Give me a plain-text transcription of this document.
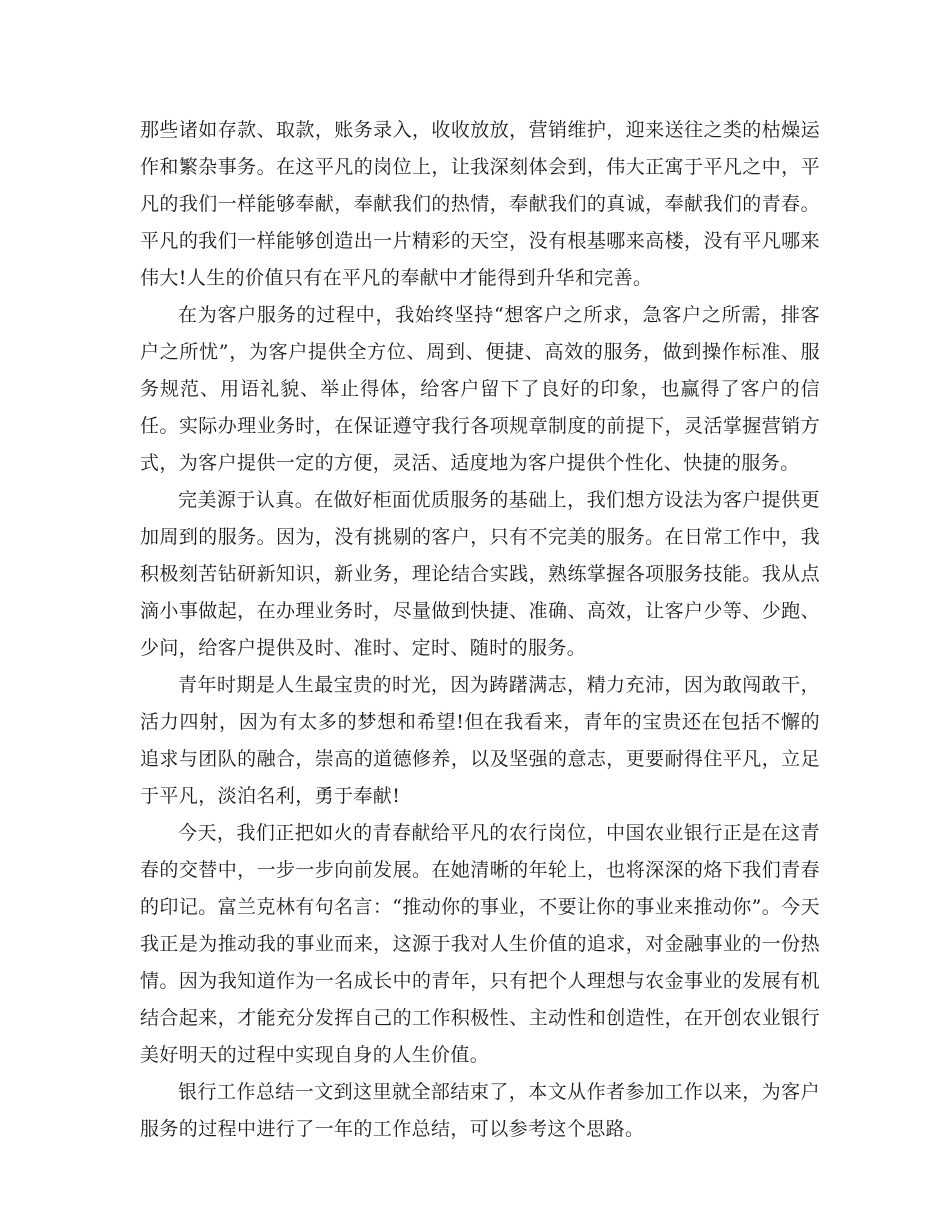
那些诸如存款、取款，账务录入，收收放放，营销维护，迎来送往之类的枯燥运作和繁杂事务。在这平凡的岗位上，让我深刻体会到，伟大正寓于平凡之中，平凡的我们一样能够奉献，奉献我们的热情，奉献我们的真诚，奉献我们的青春。平凡的我们一样能够创造出一片精彩的天空，没有根基哪来高楼，没有平凡哪来伟大!人生的价值只有在平凡的奉献中才能得到升华和完善。

在为客户服务的过程中，我始终坚持“想客户之所求，急客户之所需，排客户之所忧”，为客户提供全方位、周到、便捷、高效的服务，做到操作标准、服务规范、用语礼貌、举止得体，给客户留下了良好的印象，也赢得了客户的信任。实际办理业务时，在保证遵守我行各项规章制度的前提下，灵活掌握营销方式，为客户提供一定的方便，灵活、适度地为客户提供个性化、快捷的服务。

完美源于认真。在做好柜面优质服务的基础上，我们想方设法为客户提供更加周到的服务。因为，没有挑剔的客户，只有不完美的服务。在日常工作中，我积极刻苦钻研新知识，新业务，理论结合实践，熟练掌握各项服务技能。我从点滴小事做起，在办理业务时，尽量做到快捷、准确、高效，让客户少等、少跑、少问，给客户提供及时、准时、定时、随时的服务。

青年时期是人生最宝贵的时光，因为踌躇满志，精力充沛，因为敢闯敢干，活力四射，因为有太多的梦想和希望!但在我看来，青年的宝贵还在包括不懈的追求与团队的融合，崇高的道德修养，以及坚强的意志，更要耐得住平凡，立足于平凡，淡泊名利，勇于奉献!

今天，我们正把如火的青春献给平凡的农行岗位，中国农业银行正是在这青春的交替中，一步一步向前发展。在她清晰的年轮上，也将深深的烙下我们青春的印记。富兰克林有句名言：“推动你的事业，不要让你的事业来推动你”。今天我正是为推动我的事业而来，这源于我对人生价值的追求，对金融事业的一份热情。因为我知道作为一名成长中的青年，只有把个人理想与农金事业的发展有机结合起来，才能充分发挥自己的工作积极性、主动性和创造性，在开创农业银行美好明天的过程中实现自身的人生价值。

银行工作总结一文到这里就全部结束了，本文从作者参加工作以来，为客户服务的过程中进行了一年的工作总结，可以参考这个思路。
